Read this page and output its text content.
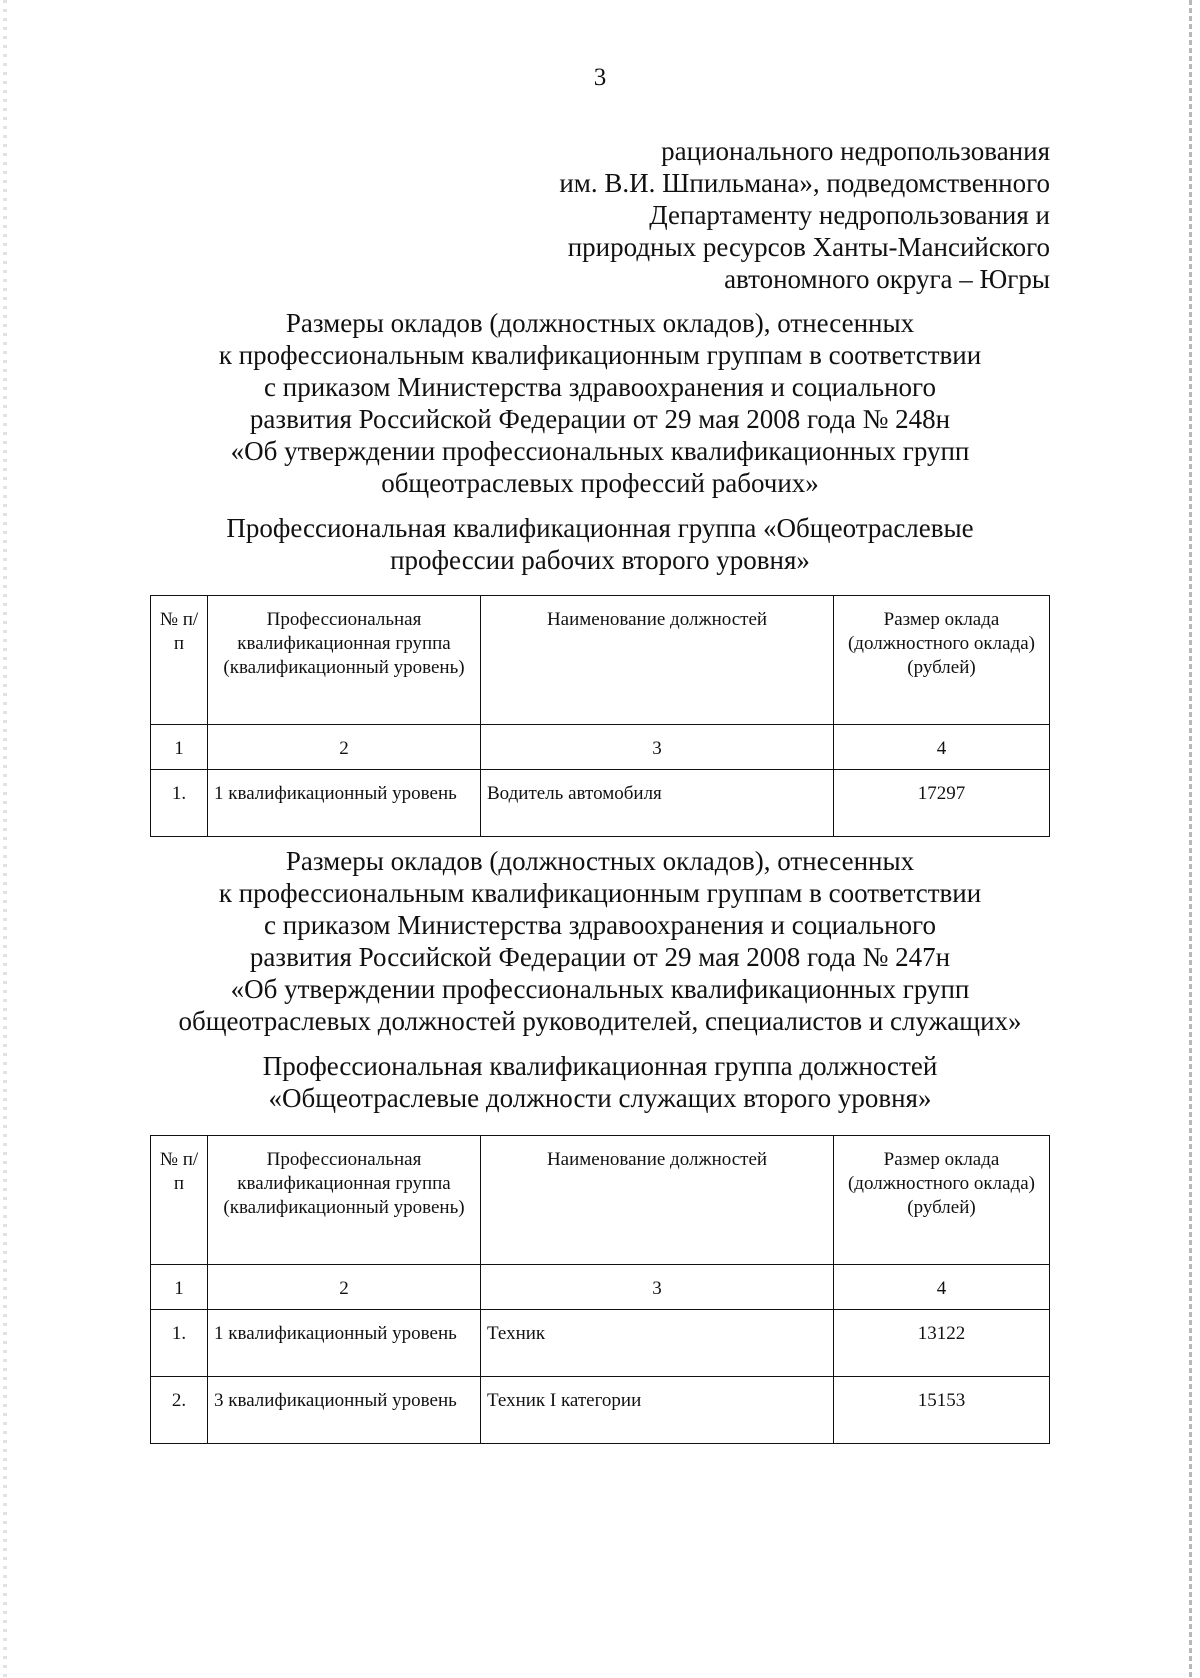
3
рационального недропользования
им. В.И. Шпильмана», подведомственного
Департаменту недропользования и
природных ресурсов Ханты-Мансийского
автономного округа – Югры
Размеры окладов (должностных окладов), отнесенных
к профессиональным квалификационным группам в соответствии
с приказом Министерства здравоохранения и социального
развития Российской Федерации от 29 мая 2008 года № 248н
«Об утверждении профессиональных квалификационных групп
общеотраслевых профессий рабочих»
Профессиональная квалификационная группа «Общеотраслевые
профессии рабочих второго уровня»
№ п/п	Профессиональная квалификационная группа (квалификационный уровень)	Наименование должностей	Размер оклада (должностного оклада) (рублей)
1	2	3	4
1.	1 квалификационный уровень	Водитель автомобиля	17297
Размеры окладов (должностных окладов), отнесенных
к профессиональным квалификационным группам в соответствии
с приказом Министерства здравоохранения и социального
развития Российской Федерации от 29 мая 2008 года № 247н
«Об утверждении профессиональных квалификационных групп
общеотраслевых должностей руководителей, специалистов и служащих»
Профессиональная квалификационная группа должностей
«Общеотраслевые должности служащих второго уровня»
№ п/п	Профессиональная квалификационная группа (квалификационный уровень)	Наименование должностей	Размер оклада (должностного оклада) (рублей)
1	2	3	4
1.	1 квалификационный уровень	Техник	13122
2.	3 квалификационный уровень	Техник I категории	15153
